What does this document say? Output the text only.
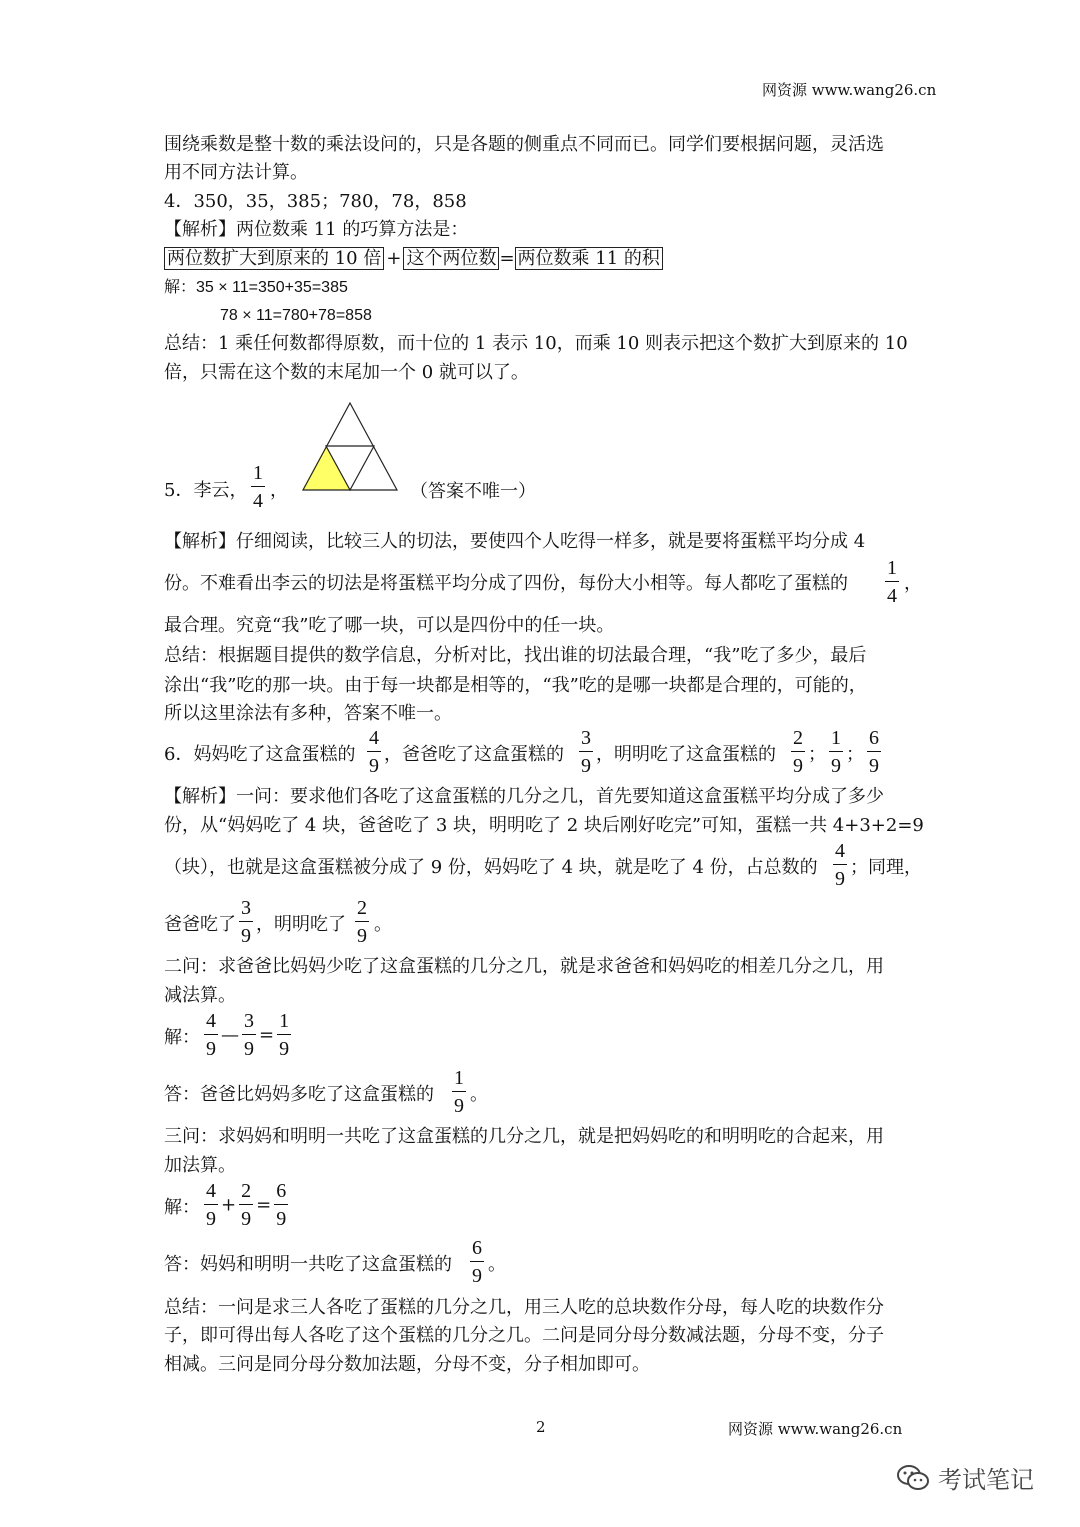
网资源 www.wang26.cn
围绕乘数是整十数的乘法设问的，只是各题的侧重点不同而已。同学们要根据问题，灵活选
用不同方法计算。
4．350，35，385；780，78，858
【解析】两位数乘 11 的巧算方法是：
两位数扩大到原来的 10 倍 + 这个两位数 = 两位数乘 11 的积
解：35 × 11=350+35=385
78 × 11=780+78=858
总结：1 乘任何数都得原数，而十位的 1 表示 10，而乘 10 则表示把这个数扩大到原来的 10
倍，只需在这个数的末尾加一个 0 就可以了。
5．李云， $\frac{1}{4}$ ，	（答案不唯一）
【解析】仔细阅读，比较三人的切法，要使四个人吃得一样多，就是要将蛋糕平均分成 4
份。不难看出李云的切法是将蛋糕平均分成了四份，每份大小相等。每人都吃了蛋糕的 $\frac{1}{4}$ ，
最合理。究竟“我”吃了哪一块，可以是四份中的任一块。
总结：根据题目提供的数学信息，分析对比，找出谁的切法最合理，“我”吃了多少，最后
涂出“我”吃的那一块。由于每一块都是相等的，“我”吃的是哪一块都是合理的，可能的，
所以这里涂法有多种，答案不唯一。
6．妈妈吃了这盒蛋糕的 $\frac{4}{9}$ ，爸爸吃了这盒蛋糕的 $\frac{3}{9}$ ，明明吃了这盒蛋糕的 $\frac{2}{9}$ ； $\frac{1}{9}$ ； $\frac{6}{9}$
【解析】一问：要求他们各吃了这盒蛋糕的几分之几，首先要知道这盒蛋糕平均分成了多少
份，从“妈妈吃了 4 块，爸爸吃了 3 块，明明吃了 2 块后刚好吃完”可知，蛋糕一共 4+3+2=9
（块），也就是这盒蛋糕被分成了 9 份，妈妈吃了 4 块，就是吃了 4 份，占总数的 $\frac{4}{9}$ ；同理，
爸爸吃了 $\frac{3}{9}$ ，明明吃了 $\frac{2}{9}$ 。
二问：求爸爸比妈妈少吃了这盒蛋糕的几分之几，就是求爸爸和妈妈吃的相差几分之几，用
减法算。
解： $\frac{4}{9}$ — $\frac{3}{9} = \frac{1}{9}$
答：爸爸比妈妈多吃了这盒蛋糕的 $\frac{1}{9}$ 。
三问：求妈妈和明明一共吃了这盒蛋糕的几分之几，就是把妈妈吃的和明明吃的合起来，用
加法算。
解： $\frac{4}{9} + \frac{2}{9} = \frac{6}{9}$
答：妈妈和明明一共吃了这盒蛋糕的 $\frac{6}{9}$ 。
总结：一问是求三人各吃了蛋糕的几分之几，用三人吃的总块数作分母，每人吃的块数作分
子，即可得出每人各吃了这个蛋糕的几分之几。二问是同分母分数减法题，分母不变，分子
相减。三问是同分母分数加法题，分母不变，分子相加即可。
2	网资源 www.wang26.cn
考试笔记
